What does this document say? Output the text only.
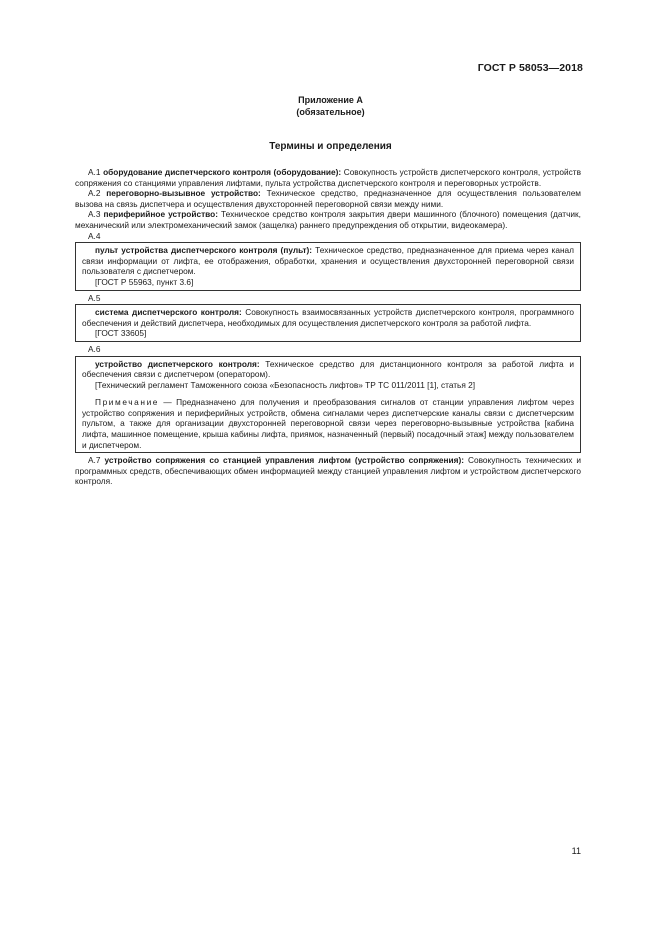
ГОСТ Р 58053—2018
Приложение А
(обязательное)
Термины и определения

А.1 оборудование диспетчерского контроля (оборудование): Совокупность устройств диспетчерского контроля, устройств сопряжения со станциями управления лифтами, пульта устройства диспетчерского контроля и переговорных устройств.

А.2 переговорно-вызывное устройство: Техническое средство, предназначенное для осуществления пользователем вызова на связь диспетчера и осуществления двухсторонней переговорной связи между ними.

А.3 периферийное устройство: Техническое средство контроля закрытия двери машинного (блочного) помещения (датчик, механический или электромеханический замок (защелка) раннего предупреждения об открытии, видеокамера).

А.4

пульт устройства диспетчерского контроля (пульт): Техническое средство, предназначенное для приема через канал связи информации от лифта, ее отображения, обработки, хранения и осуществления двухсторонней переговорной связи пользователя с диспетчером.

[ГОСТ Р 55963, пункт 3.6]

А.5

система диспетчерского контроля: Совокупность взаимосвязанных устройств диспетчерского контроля, программного обеспечения и действий диспетчера, необходимых для осуществления диспетчерского контроля за работой лифта.

[ГОСТ 33605]

А.6

устройство диспетчерского контроля: Техническое средство для дистанционного контроля за работой лифта и обеспечения связи с диспетчером (оператором).

[Технический регламент Таможенного союза «Безопасность лифтов» ТР ТС 011/2011 [1], статья 2]

Примечание — Предназначено для получения и преобразования сигналов от станции управления лифтом через устройство сопряжения и периферийных устройств, обмена сигналами через диспетчерские каналы связи с диспетчерским пультом, а также для организации двухсторонней переговорной связи через переговорно-вызывные устройства [кабина лифта, машинное помещение, крыша кабины лифта, приямок, назначенный (первый) посадочный этаж] между пользователем и диспетчером.

А.7 устройство сопряжения со станцией управления лифтом (устройство сопряжения): Совокупность технических и программных средств, обеспечивающих обмен информацией между станцией управления лифтом и устройством диспетчерского контроля.

11
